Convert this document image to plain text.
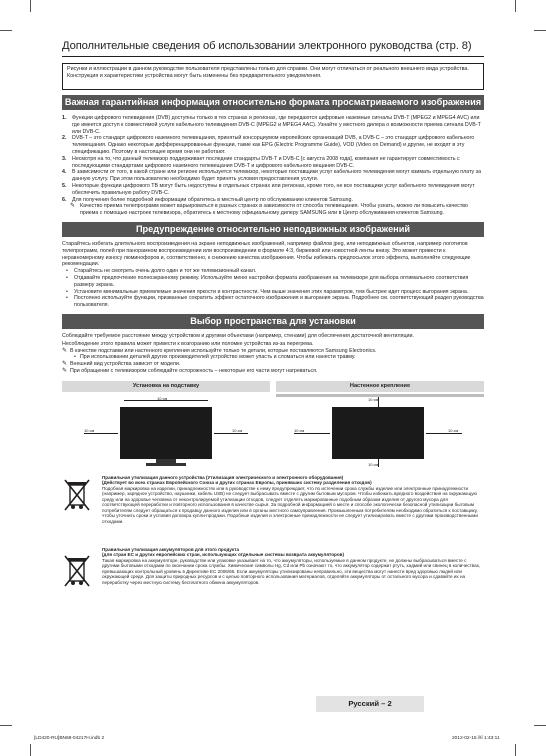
Дополнительные сведения об использовании электронного руководства (стр. 8)
Рисунки и иллюстрации в данном руководстве пользователя представлены только для справки. Они могут отличаться от реального внешнего вида устройства. Конструкция и характеристики устройства могут быть изменены без предварительного уведомления.
Важная гарантийная информация относительно формата просматриваемого изображения
1. Функции цифрового телевидения (DVB) доступны только в тех странах и регионах, где передаются цифровые наземные сигналы DVB-T (MPEG2 и MPEG4 AVC) или где имеется доступ к совместимой услуге кабельного телевидения DVB-C (MPEG2 и MPEG4 AAC). Узнайте у местного дилера о возможности приема сигнала DVB-T или DVB-C.
2. DVB-T – это стандарт цифрового наземного телевещания, принятый консорциумом европейских организаций DVB, а DVB-C – это стандарт цифрового кабельного телевещания. Однако некоторые дифференцированные функции, такие как EPG (Electric Programme Guide), VOD (Video on Demand) и другие, не входят в эту спецификацию. Поэтому в настоящее время они не работают.
3. Несмотря на то, что данный телевизор поддерживает последние стандарты DVB-T и DVB-C [с августа 2008 года], компания не гарантирует совместимость с последующими стандартами цифрового наземного телевещания DVB-T и цифрового кабельного вещания DVB-C.
4. В зависимости от того, в какой стране или регионе используется телевизор, некоторые поставщики услуг кабельного телевидения могут взимать отдельную плату за данную услугу. При этом пользователю необходимо будет принять условия предоставления услуги.
5. Некоторые функции цифрового ТВ могут быть недоступны в отдельных странах или регионах, кроме того, не все поставщики услуг кабельного телевидения могут обеспечить правильную работу DVB-C.
6. Для получения более подробной информации обратитесь в местный центр по обслуживанию клиентов Samsung.
✎ Качество приема телепрограмм может варьироваться в разных странах в зависимости от способа телевещания. Чтобы узнать, можно ли повысить качество приема с помощью настроек телевизора, обратитесь к местному официальному дилеру SAMSUNG или в Центр обслуживания клиентов Samsung.
Предупреждение относительно неподвижных изображений
Старайтесь избегать длительного воспроизведения на экране неподвижных изображений, например файлов jpeg, или неподвижных объектов, например логотипов телепрограмм, полей при панорамном воспроизведении или воспроизведении в формате 4:3, биржевой или новостной ленты внизу. Это может привести к неравномерному износу люминофоров и, соответственно, к снижению качества изображения. Чтобы избежать предпосылок этого эффекта, выполняйте следующие рекомендации.
• Старайтесь не смотреть очень долго один и тот же телевизионный канал.
• Отдавайте предпочтение полноэкранному режиму. Используйте меню настройки формата изображения на телевизоре для выбора оптимального соответствия размеру экрана.
• Установите минимальные приемлемые значения яркости и контрастности. Чем выше значения этих параметров, тем быстрее идет процесс выгорания экрана.
• Постоянно используйте функции, призванные сократить эффект остаточного изображения и выгорания экрана. Подробнее см. соответствующий раздел руководства пользователя.
Выбор пространства для установки
Соблюдайте требуемое расстояние между устройством и другими объектами (например, стенами) для обеспечения достаточной вентиляции.
Несоблюдение этого правила может привести к возгоранию или поломке устройства из-за перегрева.
✎ В качестве подставки или настенного крепления используйте только те детали, которые поставляются Samsung Electronics.
• При использовании деталей других производителей устройство может упасть и сломаться или нанести травму.
✎ Внешний вид устройства зависит от модели.
✎ При обращении с телевизором соблюдайте осторожность – некоторые его части могут нагреваться.
Установка на подставку	Настенное крепление
10 см
10 см	10 см
10 см
10 см	10 см
10 см
Правильная утилизация данного устройства (Утилизация электрического и электронного оборудования)
(Действует во всех странах Европейского Союза и других странах Европы, принявших систему разделения отходов)
Подобная маркировка на изделии, принадлежностях или в руководстве к нему предупреждает, что по истечении срока службы изделие или электронные принадлежности (например, зарядное устройство, наушники, кабель USB) не следует выбрасывать вместе с другим бытовым мусором. Чтобы избежать вредного воздействия на окружающую среду или на здоровье человека от неконтролируемой утилизации отходов, следует отделять маркированные подобным образом изделия от другого мусора для соответствующей переработки и повторного использования в качестве сырья. За подробной информацией о месте и способе экологически безопасной утилизации бытовым потребителям следует обращаться к продавцу данного изделия или в органы местного самоуправления. Промышленным потребителям необходимо обратиться к поставщику, чтобы уточнить сроки и условия договора купли-продажи. Подобные изделия и электронные принадлежности не следует утилизировать вместе с другими производственными отходами.
Правильная утилизация аккумуляторов для этого продукта
(для стран ЕС и других европейских стран, использующих отдельные системы возврата аккумуляторов)
Такая маркировка на аккумуляторе, руководстве или упаковке указывает на то, что аккумуляторы, используемые в данном продукте, не должны выбрасываться вместе с другими бытовыми отходами по окончании срока службы. Химические символы Hg, Cd или Pb означают то, что аккумулятор содержит ртуть, кадмий или свинец в количествах, превышающих контрольный уровень в Директиве ЕС 2006/66. Если аккумуляторы утилизированы неправильно, эти вещества могут нанести вред здоровью людей или окружающей среде. Для защиты природных ресурсов и с целью повторного использования материалов, отделяйте аккумуляторы от остального мусора и сдавайте их на переработку через местную систему бесплатного обмена аккумуляторов.
Русский – 2
[LD420-RU]BN68-04217H.indb 2	2012-02-15 ￼ 1:43:11
